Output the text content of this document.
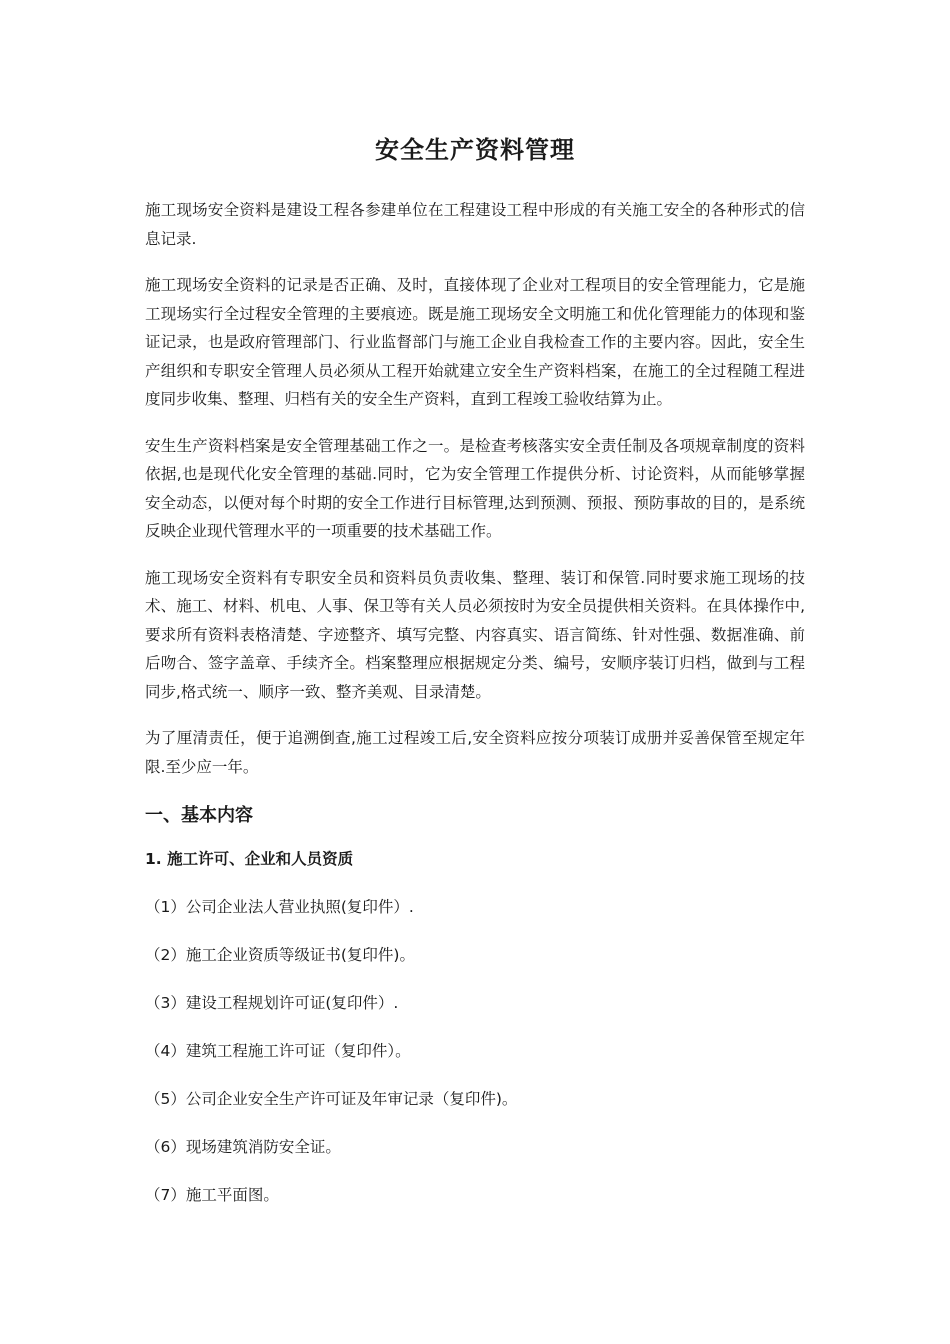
安全生产资料管理

施工现场安全资料是建设工程各参建单位在工程建设工程中形成的有关施工安全的各种形式的信息记录.

施工现场安全资料的记录是否正确、及时，直接体现了企业对工程项目的安全管理能力，它是施工现场实行全过程安全管理的主要痕迹。既是施工现场安全文明施工和优化管理能力的体现和鉴证记录，也是政府管理部门、行业监督部门与施工企业自我检查工作的主要内容。因此，安全生产组织和专职安全管理人员必须从工程开始就建立安全生产资料档案，在施工的全过程随工程进度同步收集、整理、归档有关的安全生产资料，直到工程竣工验收结算为止。

安生生产资料档案是安全管理基础工作之一。是检查考核落实安全责任制及各项规章制度的资料依据,也是现代化安全管理的基础.同时，它为安全管理工作提供分析、讨论资料，从而能够掌握安全动态，以便对每个时期的安全工作进行目标管理,达到预测、预报、预防事故的目的，是系统反映企业现代管理水平的一项重要的技术基础工作。

施工现场安全资料有专职安全员和资料员负责收集、整理、装订和保管.同时要求施工现场的技术、施工、材料、机电、人事、保卫等有关人员必须按时为安全员提供相关资料。在具体操作中,要求所有资料表格清楚、字迹整齐、填写完整、内容真实、语言简练、针对性强、数据准确、前后吻合、签字盖章、手续齐全。档案整理应根据规定分类、编号，安顺序装订归档，做到与工程同步,格式统一、顺序一致、整齐美观、目录清楚。

为了厘清责任，便于追溯倒查,施工过程竣工后,安全资料应按分项装订成册并妥善保管至规定年限.至少应一年。

一、基本内容
1. 施工许可、企业和人员资质
（1）公司企业法人营业执照(复印件）.
（2）施工企业资质等级证书(复印件)。
（3）建设工程规划许可证(复印件）.
（4）建筑工程施工许可证（复印件）。
（5）公司企业安全生产许可证及年审记录（复印件)。
（6）现场建筑消防安全证。
（7）施工平面图。
